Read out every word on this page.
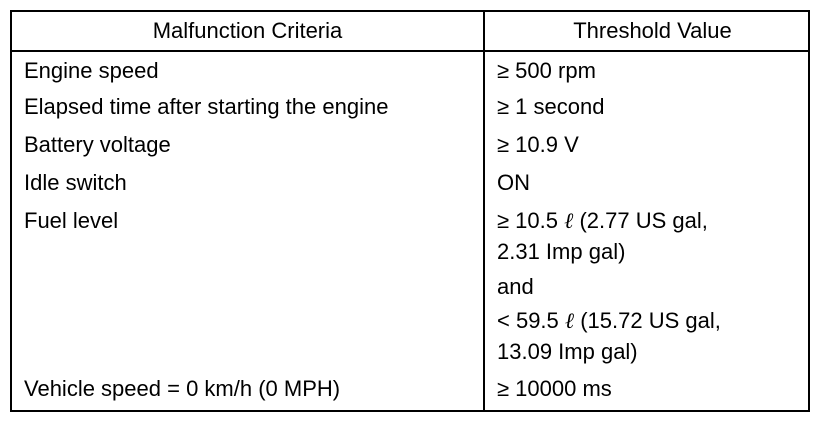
Malfunction Criteria	Threshold Value
Engine speed	≥ 500 rpm
Elapsed time after starting the engine	≥ 1 second
Battery voltage	≥ 10.9 V
Idle switch	ON
Fuel level	≥ 10.5 ℓ (2.77 US gal,
2.31 Imp gal)
and
< 59.5 ℓ (15.72 US gal,
13.09 Imp gal)
Vehicle speed = 0 km/h (0 MPH)	≥ 10000 ms
